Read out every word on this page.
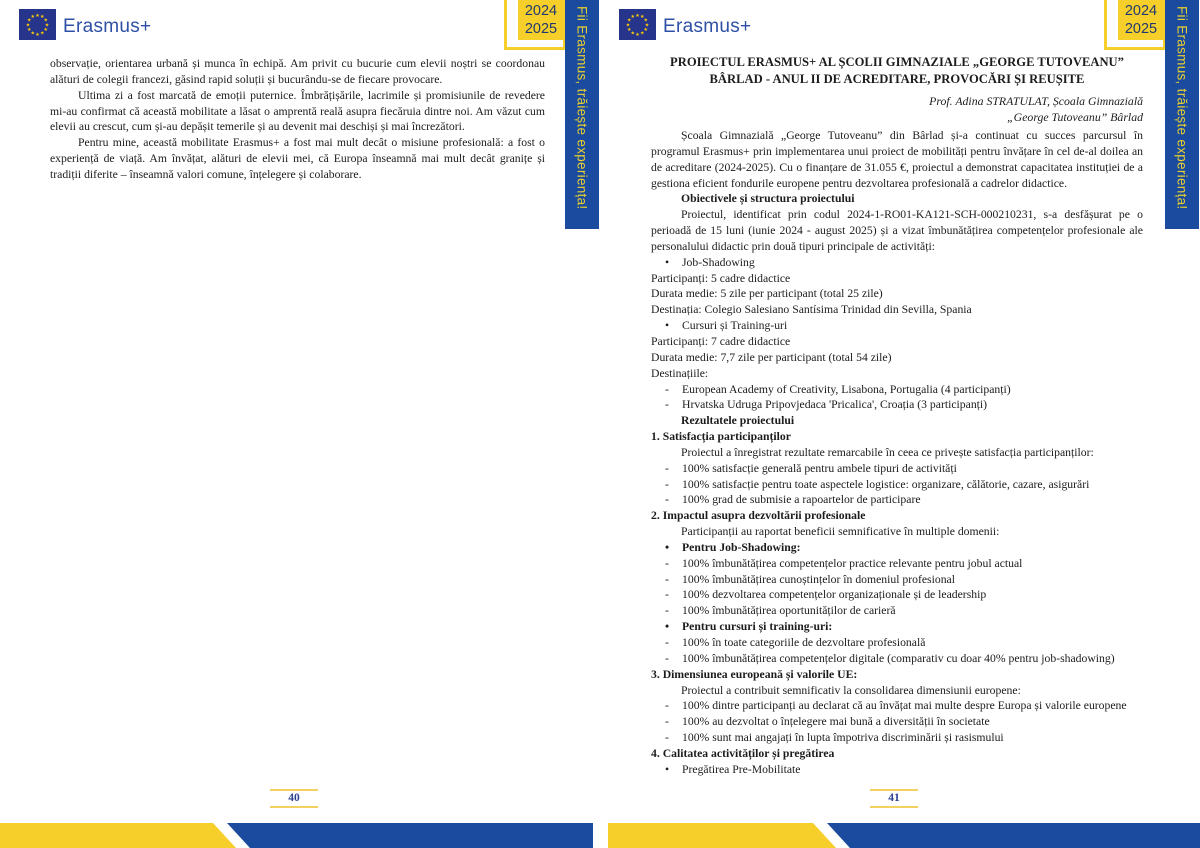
★ ★
★
★
★
★
★
★
★
★
★
★ Erasmus+	Fii Erasmus, trăiește experiența!
2024
2025
observație, orientarea urbană și munca în echipă. Am privit cu bucurie cum elevii noștri se coordonau alături de colegii francezi, găsind rapid soluții și bucurându-se de fiecare provocare.
Ultima zi a fost marcată de emoții puternice. Îmbrățișările, lacrimile și promisiunile de revedere mi-au confirmat că această mobilitate a lăsat o amprentă reală asupra fiecăruia dintre noi. Am văzut cum elevii au crescut, cum și-au depășit temerile și au devenit mai deschiși și mai încrezători.
Pentru mine, această mobilitate Erasmus+ a fost mai mult decât o misiune profesională: a fost o experiență de viață. Am învățat, alături de elevii mei, că Europa înseamnă mai mult decât granițe și tradiții diferite – înseamnă valori comune, înțelegere și colaborare.
40
★ ★
★
★
★
★
★
★
★
★
★
★ Erasmus+	Fii Erasmus, trăiește experiența!
2024
2025
PROIECTUL ERASMUS+ AL ȘCOLII GIMNAZIALE „GEORGE TUTOVEANU”
BÂRLAD - ANUL II DE ACREDITARE, PROVOCĂRI ȘI REUȘITE
Prof. Adina STRATULAT, Școala Gimnazială
„George Tutoveanu” Bârlad
Școala Gimnazială „George Tutoveanu” din Bârlad și-a continuat cu succes parcursul în programul Erasmus+ prin implementarea unui proiect de mobilități pentru învățare în cel de-al doilea an de acreditare (2024-2025). Cu o finanțare de 31.055 €, proiectul a demonstrat capacitatea instituției de a gestiona eficient fondurile europene pentru dezvoltarea profesională a cadrelor didactice.
Obiectivele și structura proiectului
Proiectul, identificat prin codul 2024-1-RO01-KA121-SCH-000210231, s-a desfășurat pe o perioadă de 15 luni (iunie 2024 - august 2025) și a vizat îmbunătățirea competențelor profesionale ale personalului didactic prin două tipuri principale de activități:
•	Job-Shadowing
Participanți: 5 cadre didactice
Durata medie: 5 zile per participant (total 25 zile)
Destinația: Colegio Salesiano Santísima Trinidad din Sevilla, Spania
•	Cursuri și Training-uri
Participanți: 7 cadre didactice
Durata medie: 7,7 zile per participant (total 54 zile)
Destinațiile:
-	European Academy of Creativity, Lisabona, Portugalia (4 participanți)
-	Hrvatska Udruga Pripovjedaca 'Pricalica', Croația (3 participanți)
Rezultatele proiectului
1. Satisfacția participanților
Proiectul a înregistrat rezultate remarcabile în ceea ce privește satisfacția participanților:
-	100% satisfacție generală pentru ambele tipuri de activități
-	100% satisfacție pentru toate aspectele logistice: organizare, călătorie, cazare, asigurări
-	100% grad de submisie a rapoartelor de participare
2. Impactul asupra dezvoltării profesionale
Participanții au raportat beneficii semnificative în multiple domenii:
•	Pentru Job-Shadowing:
-	100% îmbunătățirea competențelor practice relevante pentru jobul actual
-	100% îmbunătățirea cunoștințelor în domeniul profesional
-	100% dezvoltarea competențelor organizaționale și de leadership
-	100% îmbunătățirea oportunităților de carieră
•	Pentru cursuri și training-uri:
-	100% în toate categoriile de dezvoltare profesională
-	100% îmbunătățirea competențelor digitale (comparativ cu doar 40% pentru job-shadowing)
3. Dimensiunea europeană și valorile UE:
Proiectul a contribuit semnificativ la consolidarea dimensiunii europene:
-	100% dintre participanți au declarat că au învățat mai multe despre Europa și valorile europene
-	100% au dezvoltat o înțelegere mai bună a diversității în societate
-	100% sunt mai angajați în lupta împotriva discriminării și rasismului
4. Calitatea activităților și pregătirea
•	Pregătirea Pre-Mobilitate
41
